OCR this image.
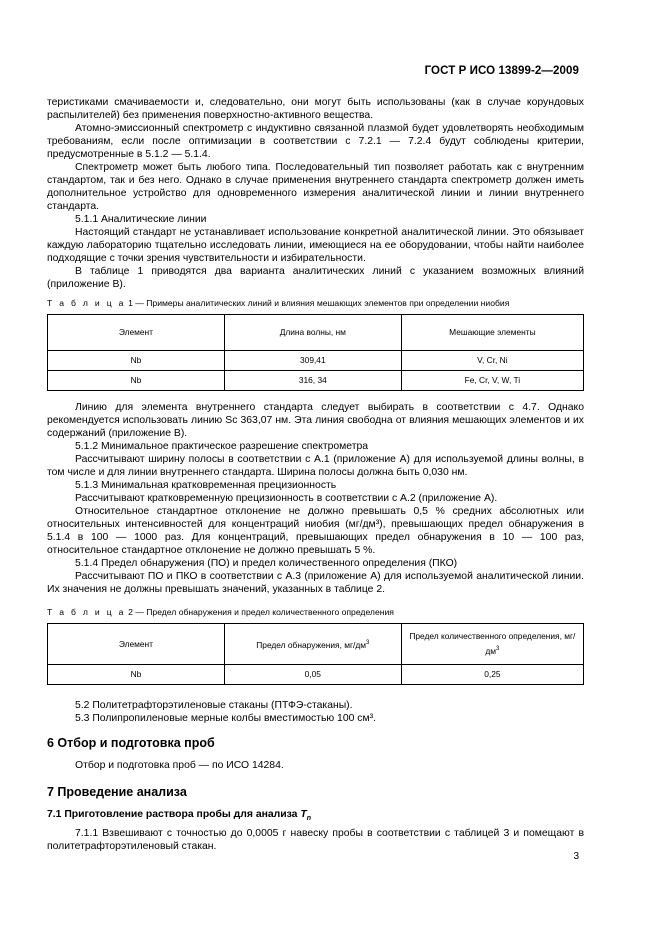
ГОСТ Р ИСО 13899-2—2009

теристиками смачиваемости и, следовательно, они могут быть использованы (как в случае корундовых распылителей) без применения поверхностно-активного вещества.

Атомно-эмиссионный спектрометр с индуктивно связанной плазмой будет удовлетворять необходимым требованиям, если после оптимизации в соответствии с 7.2.1 — 7.2.4 будут соблюдены критерии, предусмотренные в 5.1.2 — 5.1.4.

Спектрометр может быть любого типа. Последовательный тип позволяет работать как с внутренним стандартом, так и без него. Однако в случае применения внутреннего стандарта спектрометр должен иметь дополнительное устройство для одновременного измерения аналитической линии и линии внутреннего стандарта.

5.1.1 Аналитические линии

Настоящий стандарт не устанавливает использование конкретной аналитической линии. Это обязывает каждую лабораторию тщательно исследовать линии, имеющиеся на ее оборудовании, чтобы найти наиболее подходящие с точки зрения чувствительности и избирательности.

В таблице 1 приводятся два варианта аналитических линий с указанием возможных влияний (приложение В).

Т а б л и ц а 1 — Примеры аналитических линий и влияния мешающих элементов при определении ниобия
Элемент	Длина волны, нм	Мешающие элементы
Nb	309,41	V, Cr, Ni
Nb	316, 34	Fe, Cr, V, W, Ti

Линию для элемента внутреннего стандарта следует выбирать в соответствии с 4.7. Однако рекомендуется использовать линию Sc 363,07 нм. Эта линия свободна от влияния мешающих элементов и их содержаний (приложение В).

5.1.2 Минимальное практическое разрешение спектрометра

Рассчитывают ширину полосы в соответствии с А.1 (приложение А) для используемой длины волны, в том числе и для линии внутреннего стандарта. Ширина полосы должна быть 0,030 нм.

5.1.3 Минимальная кратковременная прецизионность

Рассчитывают кратковременную прецизионность в соответствии с А.2 (приложение А).

Относительное стандартное отклонение не должно превышать 0,5 % средних абсолютных или относительных интенсивностей для концентраций ниобия (мг/дм³), превышающих предел обнаружения в 5.1.4 в 100 — 1000 раз. Для концентраций, превышающих предел обнаружения в 10 — 100 раз, относительное стандартное отклонение не должно превышать 5 %.

5.1.4 Предел обнаружения (ПО) и предел количественного определения (ПКО)

Рассчитывают ПО и ПКО в соответствии с А.3 (приложение А) для используемой аналитической линии. Их значения не должны превышать значений, указанных в таблице 2.

Т а б л и ц а 2 — Предел обнаружения и предел количественного определения
Элемент	Предел обнаружения, $мг/дм^3$	Предел количественного определения, $мг/дм^3$
Nb	0,05	0,25

5.2 Политетрафторэтиленовые стаканы (ПТФЭ-стаканы).

5.3 Полипропиленовые мерные колбы вместимостью 100 см³.

6 Отбор и подготовка проб

Отбор и подготовка проб — по ИСО 14284.

7 Проведение анализа
7.1 Приготовление раствора пробы для анализа $T_n$

7.1.1 Взвешивают с точностью до 0,0005 г навеску пробы в соответствии с таблицей 3 и помещают в политетрафторэтиленовый стакан.

3
